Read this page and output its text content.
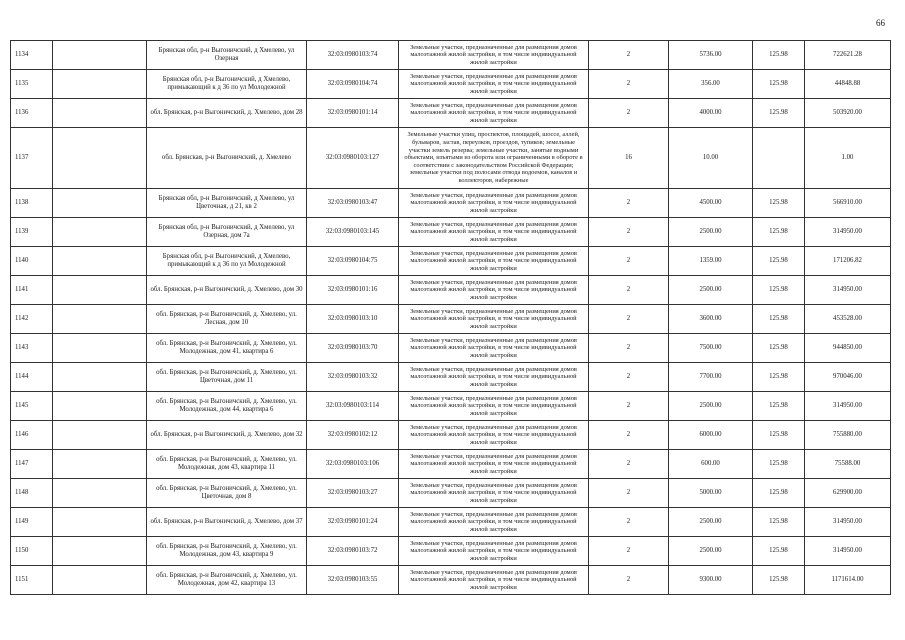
66
1134		Брянская обл, р-н Выгоничский, д Хмелево, ул Озерная	32:03:0980103:74	Земельные участки, предназначенные для размещения домов малоэтажной жилой застройки, в том числе индивидуальной жилой застройки	2	5736.00	125.98	722621.28
1135		Брянская обл, р-н Выгоничский, д Хмелево, примыкающий к д 36 по ул Молодежной	32:03:0980104:74	Земельные участки, предназначенные для размещения домов малоэтажной жилой застройки, в том числе индивидуальной жилой застройки	2	356.00	125.98	44848.88
1136		обл. Брянская, р-н Выгоничский, д. Хмелево, дом 28	32:03:0980101:14	Земельные участки, предназначенные для размещения домов малоэтажной жилой застройки, в том числе индивидуальной жилой застройки	2	4000.00	125.98	503920.00
1137		обл. Брянская, р-н Выгоничский, д. Хмелево	32:03:0980103:127	Земельные участки улиц, проспектов, площадей, шоссе, аллей, бульваров, застав, переулков, проездов, тупиков; земельные участки земель резерва; земельные участки, занятые водными объектами, изъятыми из оборота или ограниченными в обороте в соответствии с законодательством Российской Федерации; земельные участки под полосами отвода водоемов, каналов и коллекторов, набережные	16	10.00		1.00
1138		Брянская обл, р-н Выгоничский, д Хмелево, ул Цветочная, д 21, кв 2	32:03:0980103:47	Земельные участки, предназначенные для размещения домов малоэтажной жилой застройки, в том числе индивидуальной жилой застройки	2	4500.00	125.98	566910.00
1139		Брянская обл, р-н Выгоничский, д Хмелево, ул Озерная, дом 7а	32:03:0980103:145	Земельные участки, предназначенные для размещения домов малоэтажной жилой застройки, в том числе индивидуальной жилой застройки	2	2500.00	125.98	314950.00
1140		Брянская обл, р-н Выгоничский, д Хмелево, примыкающий к д 36 по ул Молодежной	32:03:0980104:75	Земельные участки, предназначенные для размещения домов малоэтажной жилой застройки, в том числе индивидуальной жилой застройки	2	1359.00	125.98	171206.82
1141		обл. Брянская, р-н Выгоничский, д. Хмелево, дом 30	32:03:0980101:16	Земельные участки, предназначенные для размещения домов малоэтажной жилой застройки, в том числе индивидуальной жилой застройки	2	2500.00	125.98	314950.00
1142		обл. Брянская, р-н Выгоничский, д. Хмелево, ул. Лесная, дом 10	32:03:0980103:10	Земельные участки, предназначенные для размещения домов малоэтажной жилой застройки, в том числе индивидуальной жилой застройки	2	3600.00	125.98	453528.00
1143		обл. Брянская, р-н Выгоничский, д. Хмелево, ул. Молодежная, дом 41, квартира 6	32:03:0980103:70	Земельные участки, предназначенные для размещения домов малоэтажной жилой застройки, в том числе индивидуальной жилой застройки	2	7500.00	125.98	944850.00
1144		обл. Брянская, р-н Выгоничский, д. Хмелево, ул. Цветочная, дом 11	32:03:0980103:32	Земельные участки, предназначенные для размещения домов малоэтажной жилой застройки, в том числе индивидуальной жилой застройки	2	7700.00	125.98	970046.00
1145		обл. Брянская, р-н Выгоничский, д. Хмелево, ул. Молодежная, дом 44, квартира 6	32:03:0980103:114	Земельные участки, предназначенные для размещения домов малоэтажной жилой застройки, в том числе индивидуальной жилой застройки	2	2500.00	125.98	314950.00
1146		обл. Брянская, р-н Выгоничский, д. Хмелево, дом 32	32:03:0980102:12	Земельные участки, предназначенные для размещения домов малоэтажной жилой застройки, в том числе индивидуальной жилой застройки	2	6000.00	125.98	755880.00
1147		обл. Брянская, р-н Выгоничский, д. Хмелево, ул. Молодежная, дом 43, квартира 11	32:03:0980103:106	Земельные участки, предназначенные для размещения домов малоэтажной жилой застройки, в том числе индивидуальной жилой застройки	2	600.00	125.98	75588.00
1148		обл. Брянская, р-н Выгоничский, д. Хмелево, ул. Цветочная, дом 8	32:03:0980103:27	Земельные участки, предназначенные для размещения домов малоэтажной жилой застройки, в том числе индивидуальной жилой застройки	2	5000.00	125.98	629900.00
1149		обл. Брянская, р-н Выгоничский, д. Хмелево, дом 37	32:03:0980101:24	Земельные участки, предназначенные для размещения домов малоэтажной жилой застройки, в том числе индивидуальной жилой застройки	2	2500.00	125.98	314950.00
1150		обл. Брянская, р-н Выгоничский, д. Хмелево, ул. Молодежная, дом 43, квартира 9	32:03:0980103:72	Земельные участки, предназначенные для размещения домов малоэтажной жилой застройки, в том числе индивидуальной жилой застройки	2	2500.00	125.98	314950.00
1151		обл. Брянская, р-н Выгоничский, д. Хмелево, ул. Молодежная, дом 42, квартира 13	32:03:0980103:55	Земельные участки, предназначенные для размещения домов малоэтажной жилой застройки, в том числе индивидуальной жилой застройки	2	9300.00	125.98	1171614.00
